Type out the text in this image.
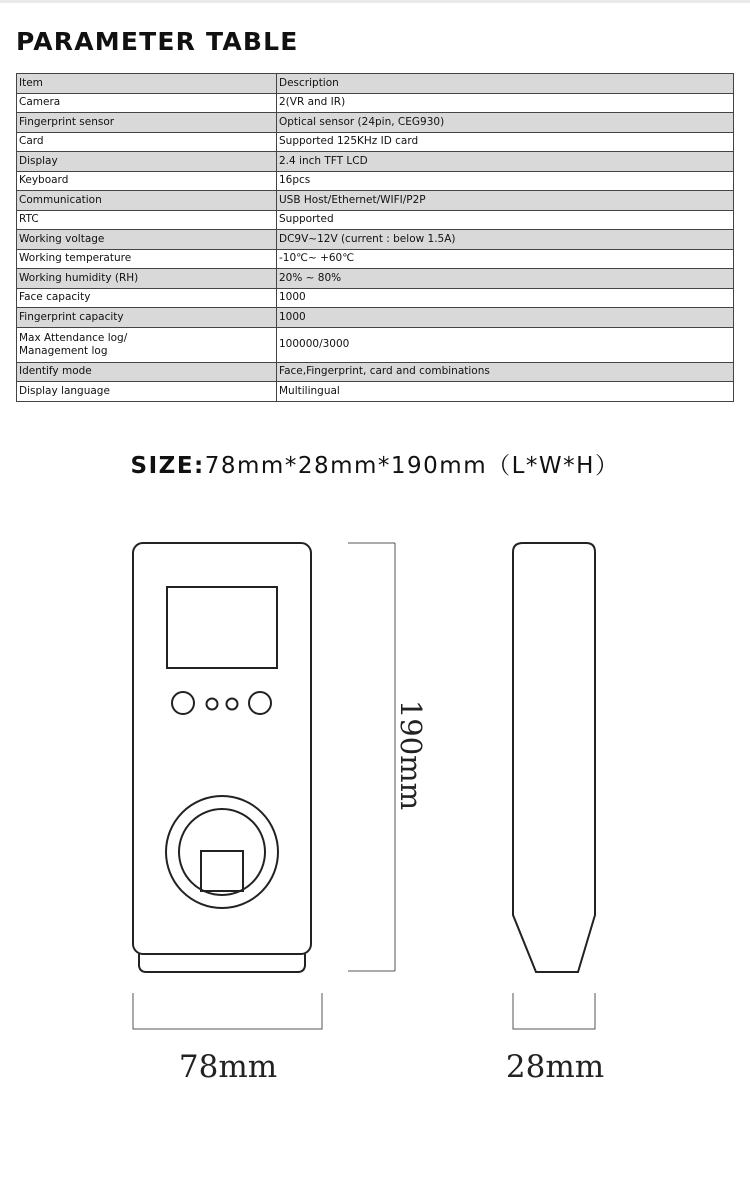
PARAMETER TABLE
Item	Description
Camera	2(VR and IR)
Fingerprint sensor	Optical sensor (24pin, CEG930)
Card	Supported 125KHz ID card
Display	2.4 inch TFT LCD
Keyboard	16pcs
Communication	USB Host/Ethernet/WIFI/P2P
RTC	Supported
Working voltage	DC9V~12V (current : below 1.5A)
Working temperature	-10℃~ +60℃
Working humidity (RH)	20% ~ 80%
Face capacity	1000
Fingerprint capacity	1000
Max Attendance log/
Management log	100000/3000
Identify mode	Face,Fingerprint, card and combinations
Display language	Multilingual
SIZE:78mm*28mm*190mm（L*W*H）
190mm
78mm	28mm
